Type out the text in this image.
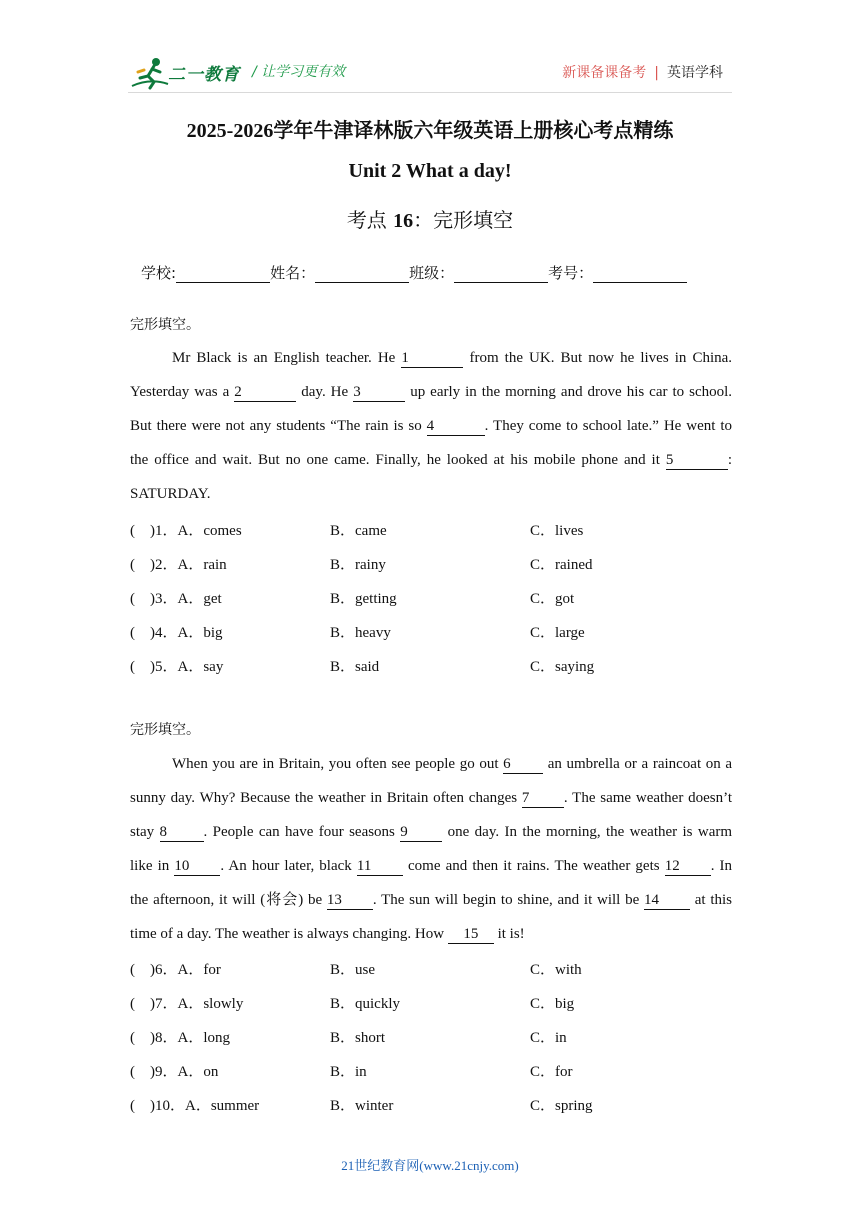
二一教育 / 让学习更有效	新课备课备考 | 英语学科
2025-2026学年牛津译林版六年级英语上册核心考点精练
Unit 2 What a day!
考点 16：完形填空
学校:	姓名：	班级：	考号：
完形填空。
Mr Black is an English teacher. He 1	from the UK. But now he lives in China.
Yesterday was a 2	day. He 3	up early in the morning and drove his car to school.
But there were not any students “The rain is so 4	. They come to school late.” He went to
the office and wait. But no one came. Finally, he looked at his mobile phone and it 5	:
SATURDAY.
(　)1．A．comes	B．came	C．lives
(　)2．A．rain	B．rainy	C．rained
(　)3．A．get	B．getting	C．got
(　)4．A．big	B．heavy	C．large
(　)5．A．say	B．said	C．saying
完形填空。
When you are in Britain, you often see people go out 6 an umbrella or a raincoat on a
sunny day. Why? Because the weather in Britain often changes 7 . The same weather doesn’t
stay 8 . People can have four seasons 9	one day. In the morning, the weather is warm
like in 10 . An hour later, black 11 come and then it rains. The weather gets 12 . In
the afternoon, it will (将会) be 13 . The sun will begin to shine, and it will be 14 at this
time of a day. The weather is always changing. How 15 it is!
(　)6．A．for	B．use	C．with
(　)7．A．slowly	B．quickly	C．big
(　)8．A．long	B．short	C．in
(　)9．A．on	B．in	C．for
(　)10．A．summer	B．winter	C．spring
21世纪教育网(www.21cnjy.com)
